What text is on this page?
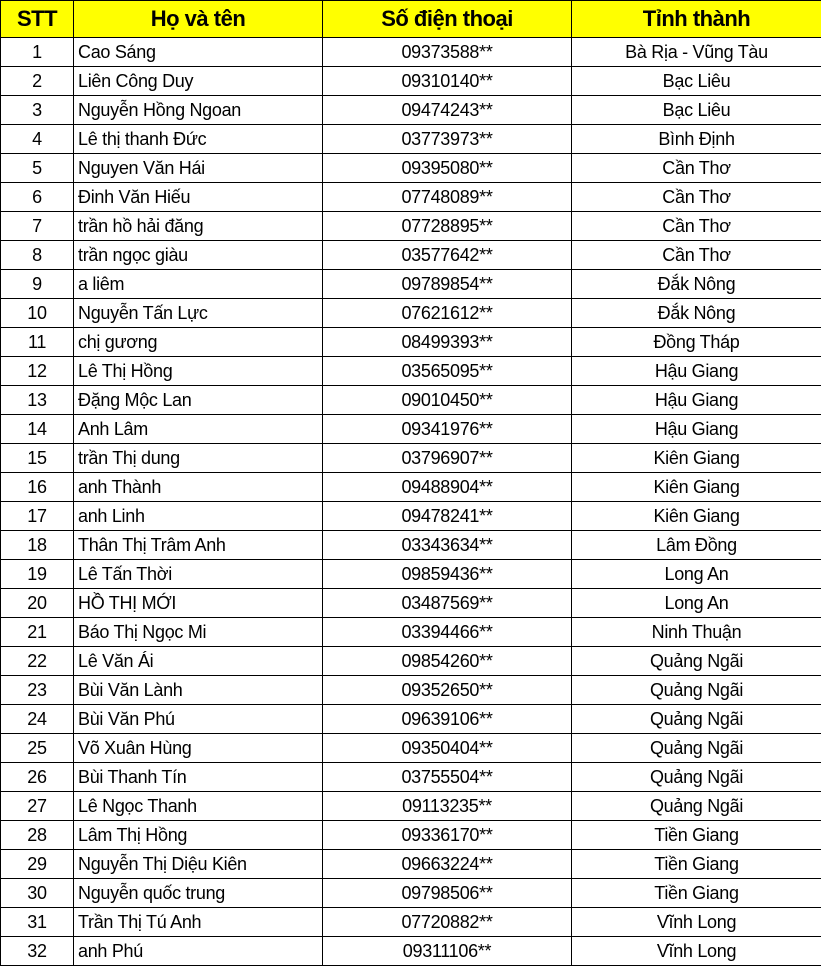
STT	Họ và tên	Số điện thoại	Tỉnh thành
1	Cao Sáng	09373588**	Bà Rịa - Vũng Tàu
2	Liên Công Duy	09310140**	Bạc Liêu
3	Nguyễn Hồng Ngoan	09474243**	Bạc Liêu
4	Lê thị thanh Đức	03773973**	Bình Định
5	Nguyen Văn Hái	09395080**	Cần Thơ
6	Đinh Văn Hiếu	07748089**	Cần Thơ
7	trần hồ hải đăng	07728895**	Cần Thơ
8	trần ngọc giàu	03577642**	Cần Thơ
9	a liêm	09789854**	Đắk Nông
10	Nguyễn Tấn Lực	07621612**	Đắk Nông
11	chị gương	08499393**	Đồng Tháp
12	Lê Thị Hồng	03565095**	Hậu Giang
13	Đặng Mộc Lan	09010450**	Hậu Giang
14	Anh Lâm	09341976**	Hậu Giang
15	trần Thị dung	03796907**	Kiên Giang
16	anh Thành	09488904**	Kiên Giang
17	anh Linh	09478241**	Kiên Giang
18	Thân Thị Trâm Anh	03343634**	Lâm Đồng
19	Lê Tấn Thời	09859436**	Long An
20	HỒ THỊ MỚI	03487569**	Long An
21	Báo Thị Ngọc Mi	03394466**	Ninh Thuận
22	Lê Văn Ái	09854260**	Quảng Ngãi
23	Bùi Văn Lành	09352650**	Quảng Ngãi
24	Bùi Văn Phú	09639106**	Quảng Ngãi
25	Võ Xuân Hùng	09350404**	Quảng Ngãi
26	Bùi Thanh Tín	03755504**	Quảng Ngãi
27	Lê Ngọc Thanh	09113235**	Quảng Ngãi
28	Lâm Thị Hồng	09336170**	Tiền Giang
29	Nguyễn Thị Diệu Kiên	09663224**	Tiền Giang
30	Nguyễn quốc trung	09798506**	Tiền Giang
31	Trần Thị Tú Anh	07720882**	Vĩnh Long
32	anh Phú	09311106**	Vĩnh Long
